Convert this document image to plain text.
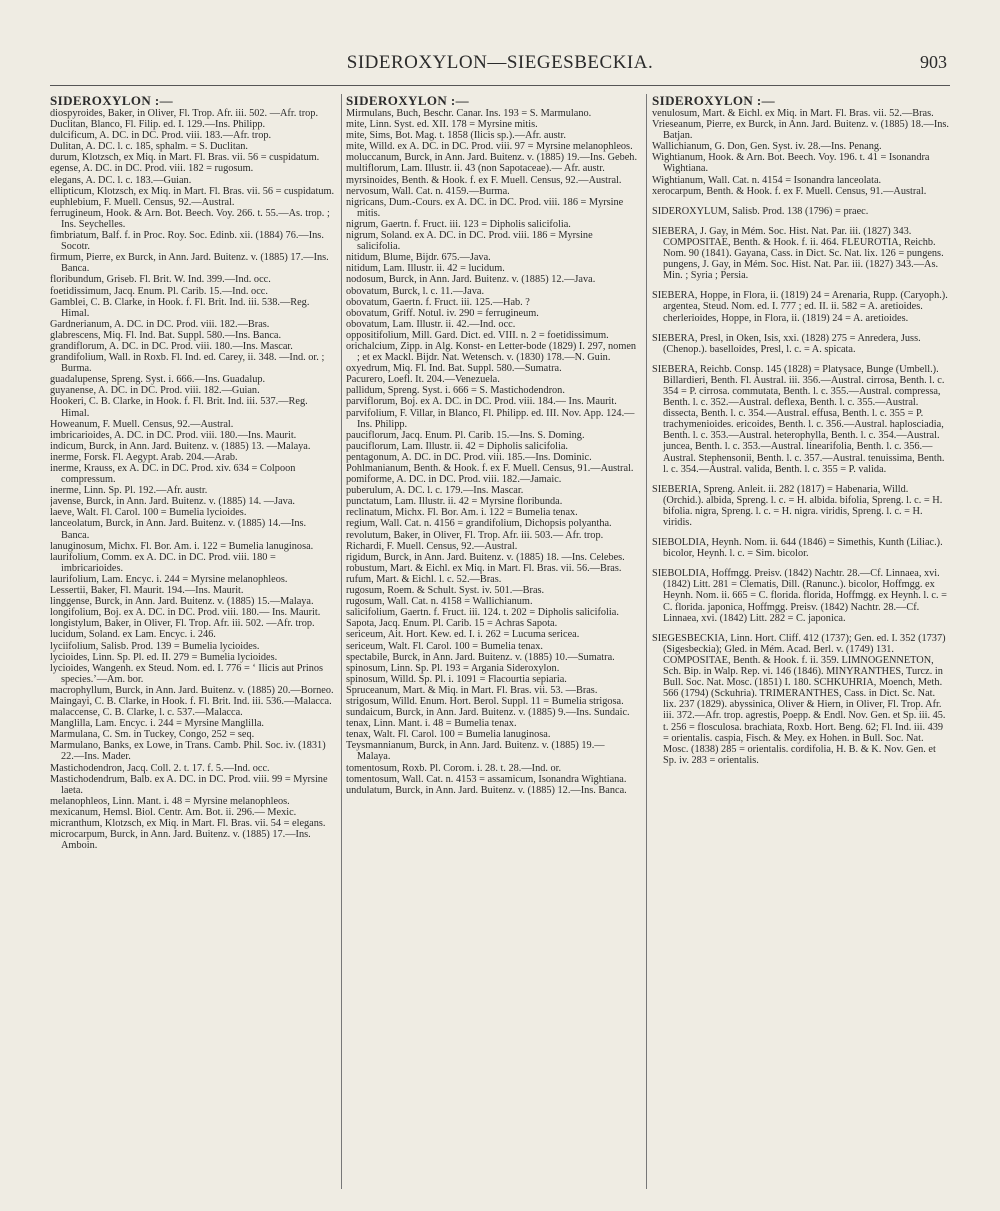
SIDEROXYLON—SIEGESBECKIA.	903
SIDEROXYLON :—
diospyroides, Baker, in Oliver, Fl. Trop. Afr. iii. 502. —Afr. trop.
Duclitan, Blanco, Fl. Filip. ed. I. 129.—Ins. Philipp.
dulcificum, A. DC. in DC. Prod. viii. 183.—Afr. trop.
Dulitan, A. DC. l. c. 185, sphalm. = S. Duclitan.
durum, Klotzsch, ex Miq. in Mart. Fl. Bras. vii. 56 = cuspidatum.
egense, A. DC. in DC. Prod. viii. 182 = rugosum.
elegans, A. DC. l. c. 183.—Guian.
ellipticum, Klotzsch, ex Miq. in Mart. Fl. Bras. vii. 56 = cuspidatum.
euphlebium, F. Muell. Census, 92.—Austral.
ferrugineum, Hook. & Arn. Bot. Beech. Voy. 266. t. 55.—As. trop. ; Ins. Seychelles.
fimbriatum, Balf. f. in Proc. Roy. Soc. Edinb. xii. (1884) 76.—Ins. Socotr.
firmum, Pierre, ex Burck, in Ann. Jard. Buitenz. v. (1885) 17.—Ins. Banca.
floribundum, Griseb. Fl. Brit. W. Ind. 399.—Ind. occ.
foetidissimum, Jacq. Enum. Pl. Carib. 15.—Ind. occ.
Gamblei, C. B. Clarke, in Hook. f. Fl. Brit. Ind. iii. 538.—Reg. Himal.
Gardnerianum, A. DC. in DC. Prod. viii. 182.—Bras.
glabrescens, Miq. Fl. Ind. Bat. Suppl. 580.—Ins. Banca.
grandiflorum, A. DC. in DC. Prod. viii. 180.—Ins. Mascar.
grandifolium, Wall. in Roxb. Fl. Ind. ed. Carey, ii. 348. —Ind. or. ; Burma.
guadalupense, Spreng. Syst. i. 666.—Ins. Guadalup.
guyanense, A. DC. in DC. Prod. viii. 182.—Guian.
Hookeri, C. B. Clarke, in Hook. f. Fl. Brit. Ind. iii. 537.—Reg. Himal.
Howeanum, F. Muell. Census, 92.—Austral.
imbricarioides, A. DC. in DC. Prod. viii. 180.—Ins. Maurit.
indicum, Burck, in Ann. Jard. Buitenz. v. (1885) 13. —Malaya.
inerme, Forsk. Fl. Aegypt. Arab. 204.—Arab.
inerme, Krauss, ex A. DC. in DC. Prod. xiv. 634 = Colpoon compressum.
inerme, Linn. Sp. Pl. 192.—Afr. austr.
javense, Burck, in Ann. Jard. Buitenz. v. (1885) 14. —Java.
laeve, Walt. Fl. Carol. 100 = Bumelia lycioides.
lanceolatum, Burck, in Ann. Jard. Buitenz. v. (1885) 14.—Ins. Banca.
lanuginosum, Michx. Fl. Bor. Am. i. 122 = Bumelia lanuginosa.
laurifolium, Comm. ex A. DC. in DC. Prod. viii. 180 = imbricarioides.
laurifolium, Lam. Encyc. i. 244 = Myrsine melanophleos.
Lessertii, Baker, Fl. Maurit. 194.—Ins. Maurit.
linggense, Burck, in Ann. Jard. Buitenz. v. (1885) 15.—Malaya.
longifolium, Boj. ex A. DC. in DC. Prod. viii. 180.— Ins. Maurit.
longistylum, Baker, in Oliver, Fl. Trop. Afr. iii. 502. —Afr. trop.
lucidum, Soland. ex Lam. Encyc. i. 246.
lyciifolium, Salisb. Prod. 139 = Bumelia lycioides.
lycioides, Linn. Sp. Pl. ed. II. 279 = Bumelia lycioides.
lycioides, Wangenh. ex Steud. Nom. ed. I. 776 = ‘ Ilicis aut Prinos species.’—Am. bor.
macrophyllum, Burck, in Ann. Jard. Buitenz. v. (1885) 20.—Borneo.
Maingayi, C. B. Clarke, in Hook. f. Fl. Brit. Ind. iii. 536.—Malacca.
malaccense, C. B. Clarke, l. c. 537.—Malacca.
Manglilla, Lam. Encyc. i. 244 = Myrsine Manglilla.
Marmulana, C. Sm. in Tuckey, Congo, 252 = seq.
Marmulano, Banks, ex Lowe, in Trans. Camb. Phil. Soc. iv. (1831) 22.—Ins. Mader.
Mastichodendron, Jacq. Coll. 2. t. 17. f. 5.—Ind. occ.
Mastichodendrum, Balb. ex A. DC. in DC. Prod. viii. 99 = Myrsine laeta.
melanophleos, Linn. Mant. i. 48 = Myrsine melanophleos.
mexicanum, Hemsl. Biol. Centr. Am. Bot. ii. 296.— Mexic.
micranthum, Klotzsch, ex Miq. in Mart. Fl. Bras. vii. 54 = elegans.
microcarpum, Burck, in Ann. Jard. Buitenz. v. (1885) 17.—Ins. Amboin.
SIDEROXYLON :—
Mirmulans, Buch, Beschr. Canar. Ins. 193 = S. Marmulano.
mite, Linn. Syst. ed. XII. 178 = Myrsine mitis.
mite, Sims, Bot. Mag. t. 1858 (Ilicis sp.).—Afr. austr.
mite, Willd. ex A. DC. in DC. Prod. viii. 97 = Myrsine melanophleos.
moluccanum, Burck, in Ann. Jard. Buitenz. v. (1885) 19.—Ins. Gebeh.
multiflorum, Lam. Illustr. ii. 43 (non Sapotaceae).— Afr. austr.
myrsinoides, Benth. & Hook. f. ex F. Muell. Census, 92.—Austral.
nervosum, Wall. Cat. n. 4159.—Burma.
nigricans, Dum.-Cours. ex A. DC. in DC. Prod. viii. 186 = Myrsine mitis.
nigrum, Gaertn. f. Fruct. iii. 123 = Dipholis salicifolia.
nigrum, Soland. ex A. DC. in DC. Prod. viii. 186 = Myrsine salicifolia.
nitidum, Blume, Bijdr. 675.—Java.
nitidum, Lam. Illustr. ii. 42 = lucidum.
nodosum, Burck, in Ann. Jard. Buitenz. v. (1885) 12.—Java.
obovatum, Burck, l. c. 11.—Java.
obovatum, Gaertn. f. Fruct. iii. 125.—Hab. ?
obovatum, Griff. Notul. iv. 290 = ferrugineum.
obovatum, Lam. Illustr. ii. 42.—Ind. occ.
oppositifolium, Mill. Gard. Dict. ed. VIII. n. 2 = foetidissimum.
orichalcium, Zipp. in Alg. Konst- en Letter-bode (1829) I. 297, nomen ; et ex Mackl. Bijdr. Nat. Wetensch. v. (1830) 178.—N. Guin.
oxyedrum, Miq. Fl. Ind. Bat. Suppl. 580.—Sumatra.
Pacurero, Loefl. It. 204.—Venezuela.
pallidum, Spreng. Syst. i. 666 = S. Mastichodendron.
parviflorum, Boj. ex A. DC. in DC. Prod. viii. 184.— Ins. Maurit.
parvifolium, F. Villar, in Blanco, Fl. Philipp. ed. III. Nov. App. 124.—Ins. Philipp.
pauciflorum, Jacq. Enum. Pl. Carib. 15.—Ins. S. Doming.
pauciflorum, Lam. Illustr. ii. 42 = Dipholis salicifolia.
pentagonum, A. DC. in DC. Prod. viii. 185.—Ins. Dominic.
Pohlmanianum, Benth. & Hook. f. ex F. Muell. Census, 91.—Austral.
pomiforme, A. DC. in DC. Prod. viii. 182.—Jamaic.
puberulum, A. DC. l. c. 179.—Ins. Mascar.
punctatum, Lam. Illustr. ii. 42 = Myrsine floribunda.
reclinatum, Michx. Fl. Bor. Am. i. 122 = Bumelia tenax.
regium, Wall. Cat. n. 4156 = grandifolium, Dichopsis polyantha.
revolutum, Baker, in Oliver, Fl. Trop. Afr. iii. 503.— Afr. trop.
Richardi, F. Muell. Census, 92.—Austral.
rigidum, Burck, in Ann. Jard. Buitenz. v. (1885) 18. —Ins. Celebes.
robustum, Mart. & Eichl. ex Miq. in Mart. Fl. Bras. vii. 56.—Bras.
rufum, Mart. & Eichl. l. c. 52.—Bras.
rugosum, Roem. & Schult. Syst. iv. 501.—Bras.
rugosum, Wall. Cat. n. 4158 = Wallichianum.
salicifolium, Gaertn. f. Fruct. iii. 124. t. 202 = Dipholis salicifolia.
Sapota, Jacq. Enum. Pl. Carib. 15 = Achras Sapota.
sericeum, Ait. Hort. Kew. ed. I. i. 262 = Lucuma sericea.
sericeum, Walt. Fl. Carol. 100 = Bumelia tenax.
spectabile, Burck, in Ann. Jard. Buitenz. v. (1885) 10.—Sumatra.
spinosum, Linn. Sp. Pl. 193 = Argania Sideroxylon.
spinosum, Willd. Sp. Pl. i. 1091 = Flacourtia sepiaria.
Spruceanum, Mart. & Miq. in Mart. Fl. Bras. vii. 53. —Bras.
strigosum, Willd. Enum. Hort. Berol. Suppl. 11 = Bumelia strigosa.
sundaicum, Burck, in Ann. Jard. Buitenz. v. (1885) 9.—Ins. Sundaic.
tenax, Linn. Mant. i. 48 = Bumelia tenax.
tenax, Walt. Fl. Carol. 100 = Bumelia lanuginosa.
Teysmannianum, Burck, in Ann. Jard. Buitenz. v. (1885) 19.—Malaya.
tomentosum, Roxb. Pl. Corom. i. 28. t. 28.—Ind. or.
tomentosum, Wall. Cat. n. 4153 = assamicum, Isonandra Wightiana.
undulatum, Burck, in Ann. Jard. Buitenz. v. (1885) 12.—Ins. Banca.
SIDEROXYLON :—
venulosum, Mart. & Eichl. ex Miq. in Mart. Fl. Bras. vii. 52.—Bras.
Vrieseanum, Pierre, ex Burck, in Ann. Jard. Buitenz. v. (1885) 18.—Ins. Batjan.
Wallichianum, G. Don, Gen. Syst. iv. 28.—Ins. Penang.
Wightianum, Hook. & Arn. Bot. Beech. Voy. 196. t. 41 = Isonandra Wightiana.
Wightianum, Wall. Cat. n. 4154 = Isonandra lanceolata.
xerocarpum, Benth. & Hook. f. ex F. Muell. Census, 91.—Austral.
SIDEROXYLUM, Salisb. Prod. 138 (1796) = praec.
SIEBERA, J. Gay, in Mém. Soc. Hist. Nat. Par. iii. (1827) 343. COMPOSITAE, Benth. & Hook. f. ii. 464. FLEUROTIA, Reichb. Nom. 90 (1841). Gayana, Cass. in Dict. Sc. Nat. lix. 126 = pungens. pungens, J. Gay, in Mém. Soc. Hist. Nat. Par. iii. (1827) 343.—As. Min. ; Syria ; Persia.
SIEBERA, Hoppe, in Flora, ii. (1819) 24 = Arenaria, Rupp. (Caryoph.). argentea, Steud. Nom. ed. I. 777 ; ed. II. ii. 582 = A. aretioides. cherlerioides, Hoppe, in Flora, ii. (1819) 24 = A. aretioides.
SIEBERA, Presl, in Oken, Isis, xxi. (1828) 275 = Anredera, Juss. (Chenop.). baselloides, Presl, l. c. = A. spicata.
SIEBERA, Reichb. Consp. 145 (1828) = Platysace, Bunge (Umbell.). Billardieri, Benth. Fl. Austral. iii. 356.—Austral. cirrosa, Benth. l. c. 354 = P. cirrosa. commutata, Benth. l. c. 355.—Austral. compressa, Benth. l. c. 352.—Austral. deflexa, Benth. l. c. 355.—Austral. dissecta, Benth. l. c. 354.—Austral. effusa, Benth. l. c. 355 = P. trachymenioides. ericoides, Benth. l. c. 356.—Austral. haplosciadia, Benth. l. c. 353.—Austral. heterophylla, Benth. l. c. 354.—Austral. juncea, Benth. l. c. 353.—Austral. linearifolia, Benth. l. c. 356.—Austral. Stephensonii, Benth. l. c. 357.—Austral. tenuissima, Benth. l. c. 354.—Austral. valida, Benth. l. c. 355 = P. valida.
SIEBERIA, Spreng. Anleit. ii. 282 (1817) = Habenaria, Willd. (Orchid.). albida, Spreng. l. c. = H. albida. bifolia, Spreng. l. c. = H. bifolia. nigra, Spreng. l. c. = H. nigra. viridis, Spreng. l. c. = H. viridis.
SIEBOLDIA, Heynh. Nom. ii. 644 (1846) = Simethis, Kunth (Liliac.). bicolor, Heynh. l. c. = Sim. bicolor.
SIEBOLDIA, Hoffmgg. Preisv. (1842) Nachtr. 28.—Cf. Linnaea, xvi. (1842) Litt. 281 = Clematis, Dill. (Ranunc.). bicolor, Hoffmgg. ex Heynh. Nom. ii. 665 = C. florida. florida, Hoffmgg. ex Heynh. l. c. = C. florida. japonica, Hoffmgg. Preisv. (1842) Nachtr. 28.—Cf. Linnaea, xvi. (1842) Litt. 282 = C. japonica.
SIEGESBECKIA, Linn. Hort. Cliff. 412 (1737); Gen. ed. I. 352 (1737) (Sigesbeckia); Gled. in Mém. Acad. Berl. v. (1749) 131. COMPOSITAE, Benth. & Hook. f. ii. 359. LIMNOGENNETON, Sch. Bip. in Walp. Rep. vi. 146 (1846). MINYRANTHES, Turcz. in Bull. Soc. Nat. Mosc. (1851) I. 180. SCHKUHRIA, Moench, Meth. 566 (1794) (Sckuhria). TRIMERANTHES, Cass. in Dict. Sc. Nat. lix. 237 (1829). abyssinica, Oliver & Hiern, in Oliver, Fl. Trop. Afr. iii. 372.—Afr. trop. agrestis, Poepp. & Endl. Nov. Gen. et Sp. iii. 45. t. 256 = flosculosa. brachiata, Roxb. Hort. Beng. 62; Fl. Ind. iii. 439 = orientalis. caspia, Fisch. & Mey. ex Hohen. in Bull. Soc. Nat. Mosc. (1838) 285 = orientalis. cordifolia, H. B. & K. Nov. Gen. et Sp. iv. 283 = orientalis.
